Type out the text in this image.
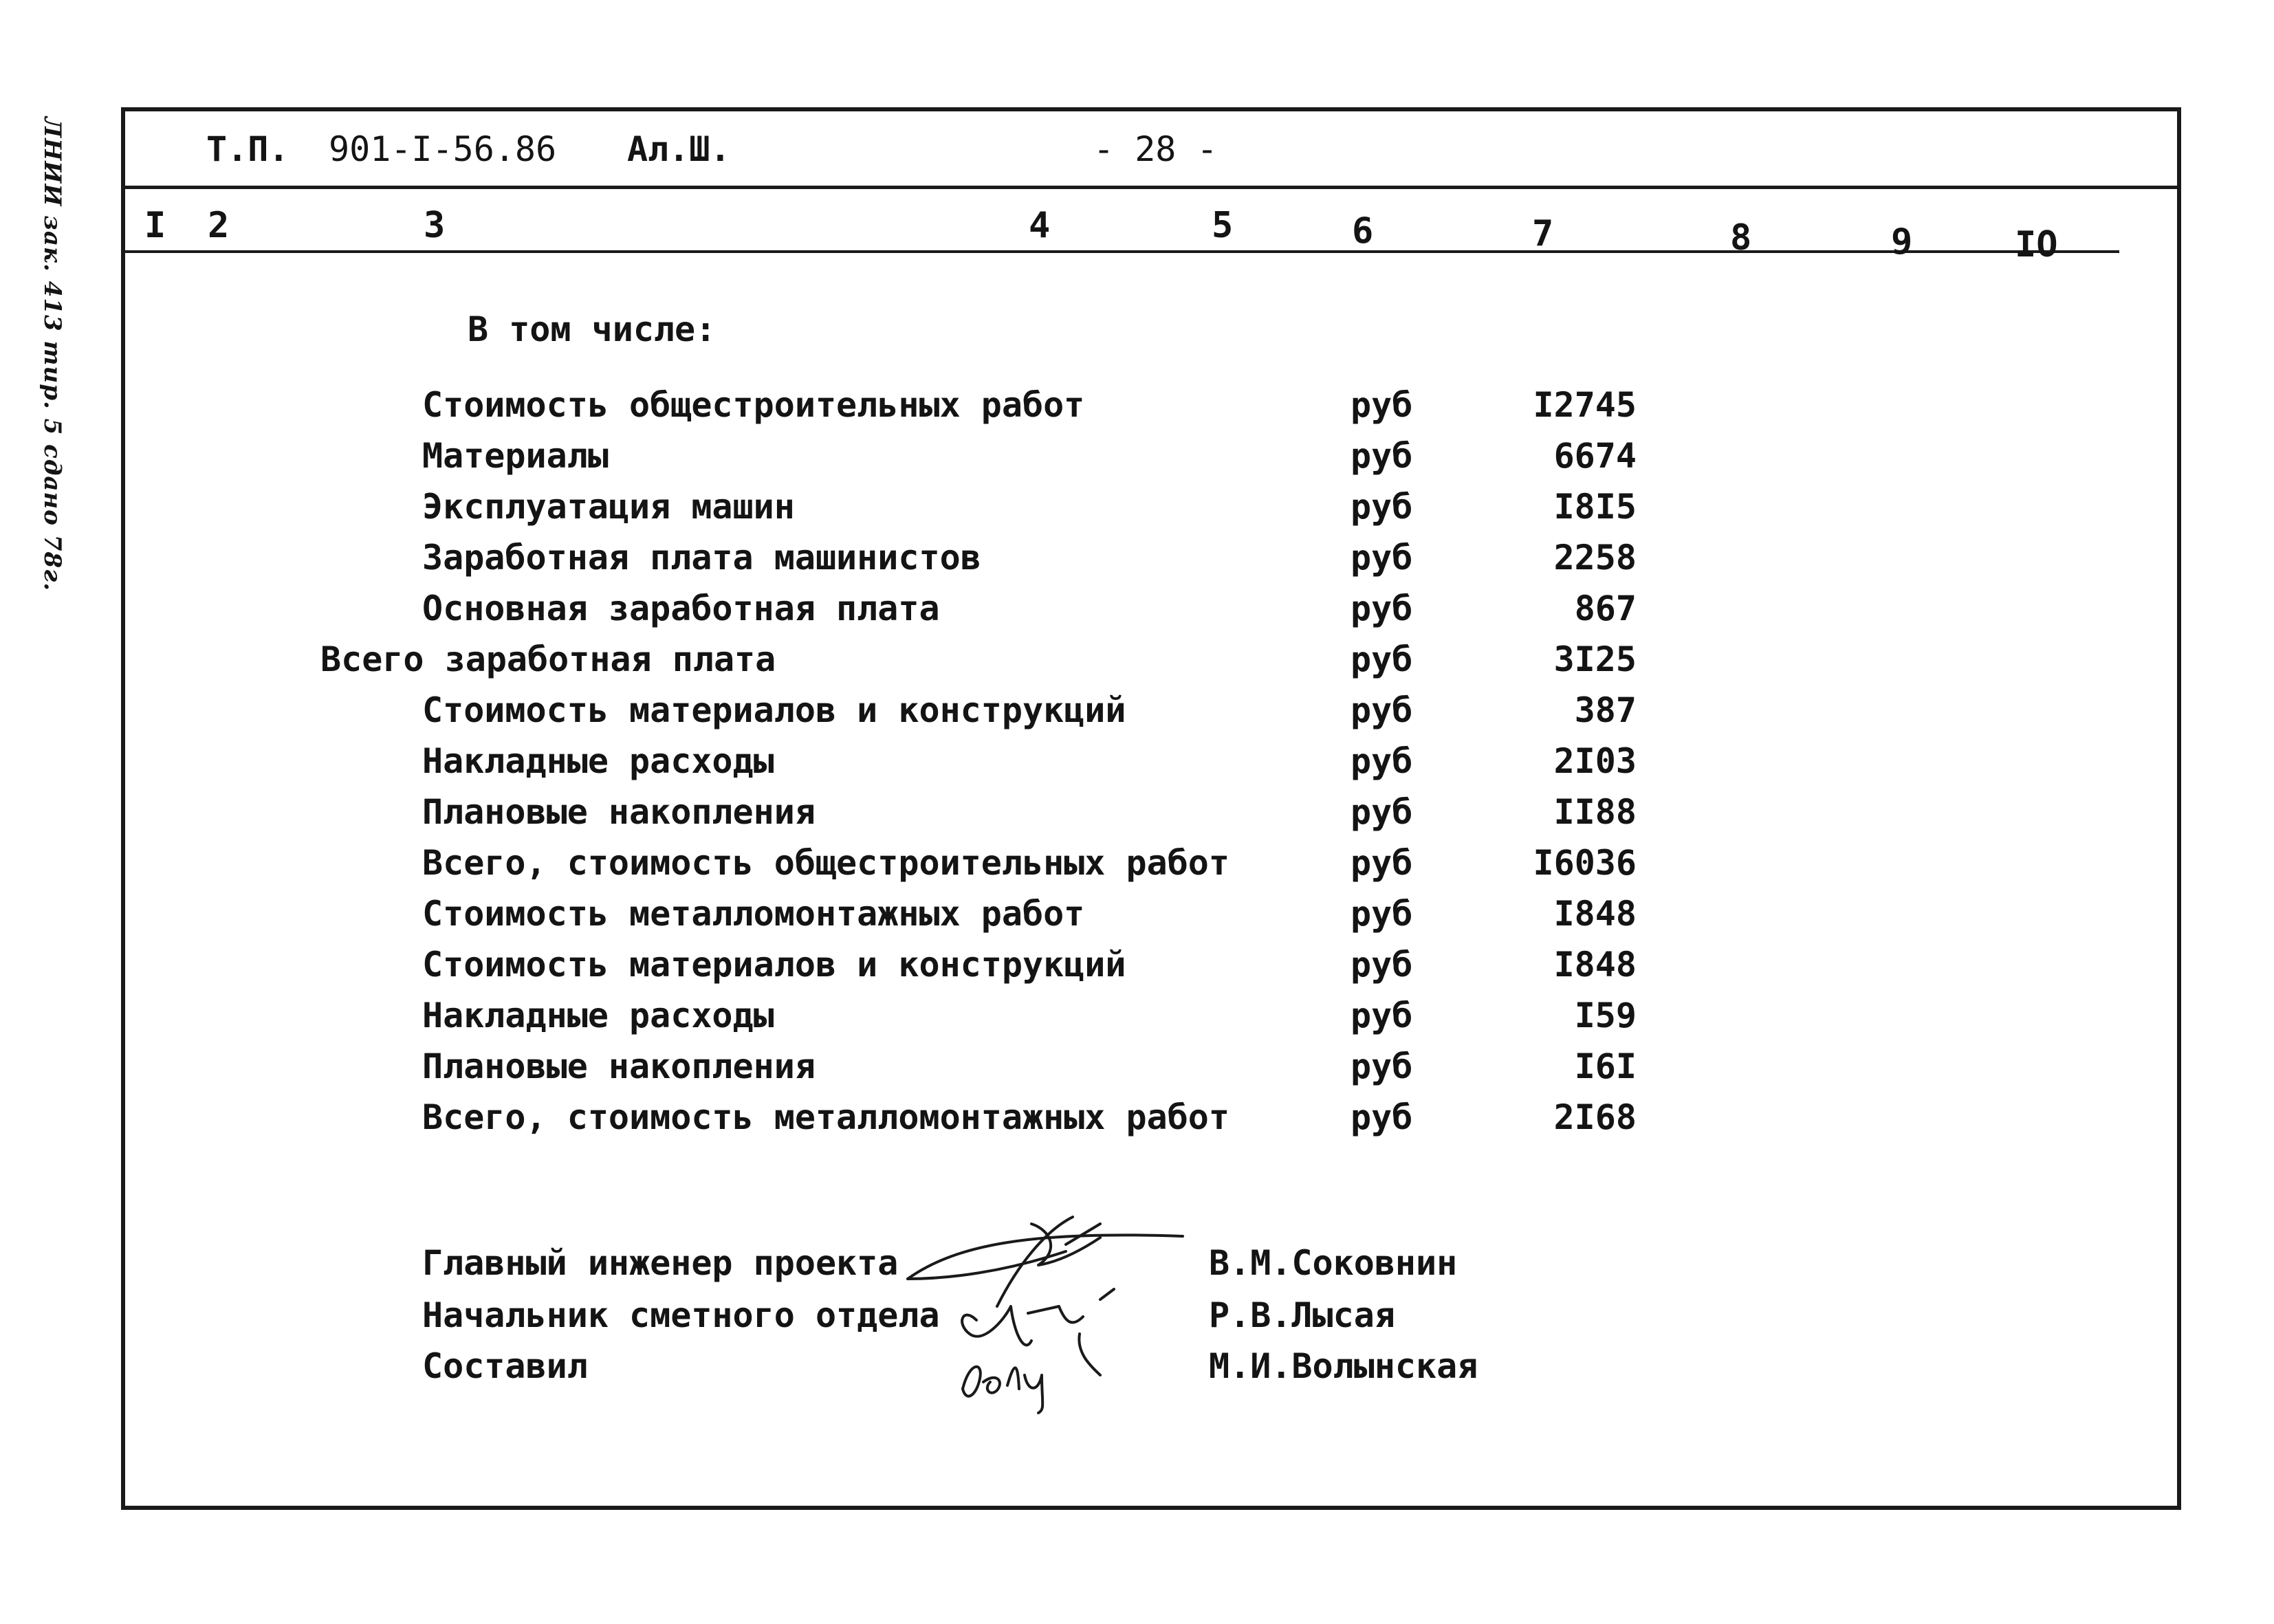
ЛНИИ зак. 413 тир. 5 сдано 78г.	Т.П. 901-I-56.86 Ал.Ш.	- 28 -
I 2	3	4	5	6	7	8	9	IO
В том числе:
Стоимость общестроительных работ	руб	I2745
Материалы	руб	6674
Эксплуатация машин	руб	I8I5
Заработная плата машинистов	руб	2258
Основная заработная плата	руб	867
Всего заработная плата	руб	3I25
Стоимость материалов и конструкций	руб	387
Накладные расходы	руб	2I03
Плановые накопления	руб	II88
Всего, стоимость общестроительных работ	руб	I6036
Стоимость металломонтажных работ	руб	I848
Стоимость материалов и конструкций	руб	I848
Накладные расходы	руб	I59
Плановые накопления	руб	I6I
Всего, стоимость металломонтажных работ	руб	2I68
Главный инженер проекта	В.М.Соковнин
Начальник сметного отдела	Р.В.Лысая
Составил	М.И.Волынская
